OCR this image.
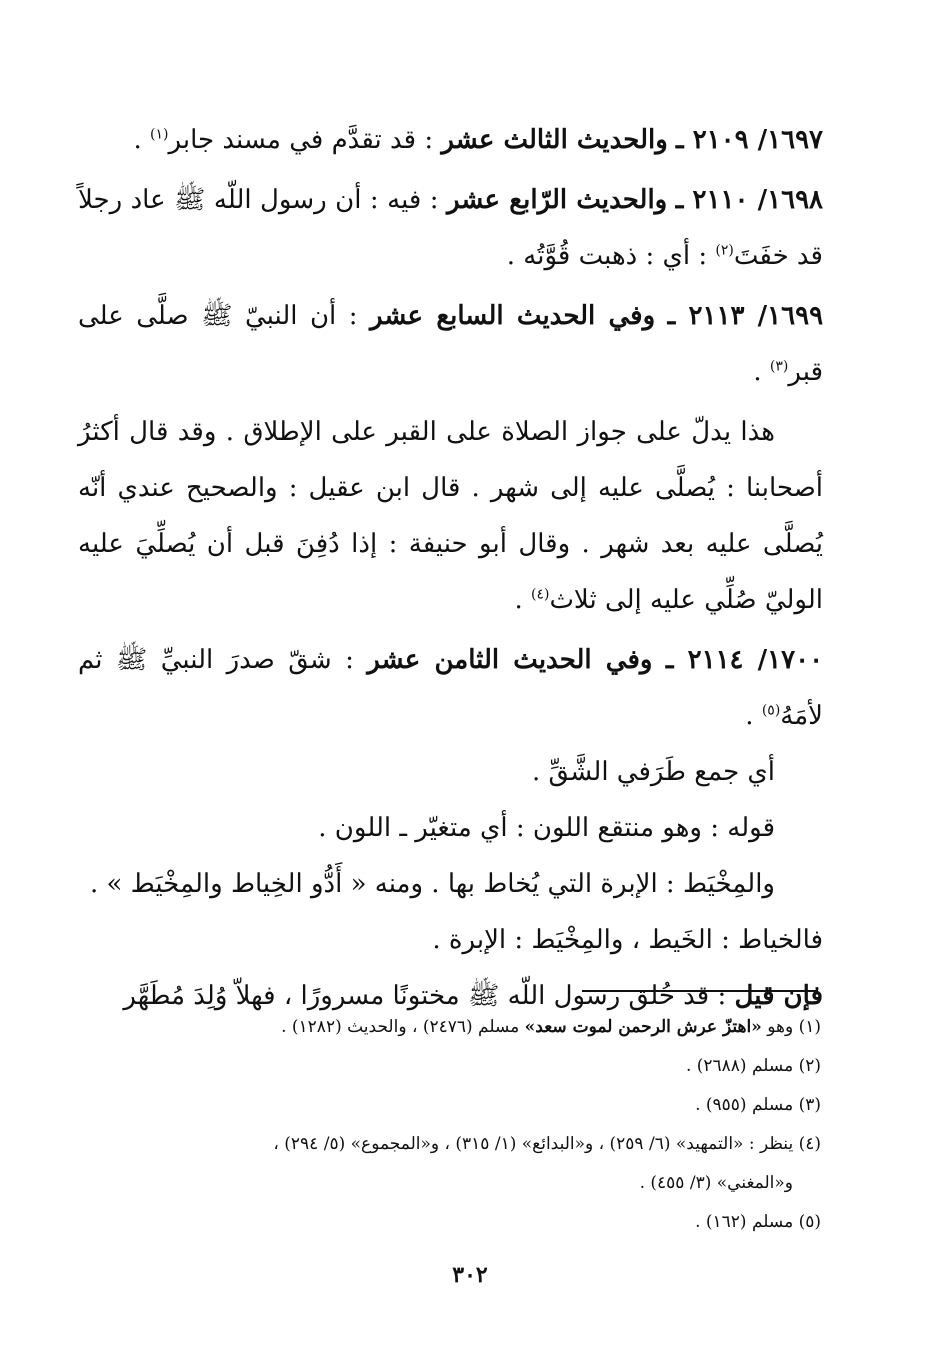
١٦٩٧/ ٢١٠٩ ـ والحديث الثالث عشر : قد تقدَّم في مسند جابر$^{(١)}$ .

١٦٩٨/ ٢١١٠ ـ والحديث الرّابع عشر : فيه : أن رسول اللّه ﷺ عاد رجلاً قد خفَتَ$^{(٢)}$ : أي : ذهبت قُوَّتُه .

١٦٩٩/ ٢١١٣ ـ وفي الحديث السابع عشر : أن النبيّ ﷺ صلَّى على قبر$^{(٣)}$ .

هذا يدلّ على جواز الصلاة على القبر على الإطلاق . وقد قال أكثرُ أصحابنا : يُصلَّى عليه إلى شهر . قال ابن عقيل : والصحيح عندي أنّه يُصلَّى عليه بعد شهر . وقال أبو حنيفة : إذا دُفِنَ قبل أن يُصلِّيَ عليه الوليّ صُلِّي عليه إلى ثلاث$^{(٤)}$ .

١٧٠٠/ ٢١١٤ ـ وفي الحديث الثامن عشر : شقّ صدرَ النبيِّ ﷺ ثم لأمَهُ$^{(٥)}$ .

أي جمع طَرَفي الشَّقِّ .

قوله : وهو منتقع اللون : أي متغيّر ـ اللون .

والمِخْيَط : الإبرة التي يُخاط بها . ومنه « أَدُّو الخِياط والمِخْيَط » .

فالخياط : الخَيط ، والمِخْيَط : الإبرة .

فإن قيل : قد خُلق رسول اللّه ﷺ مختونًا مسرورًا ، فهلاّ وُلِدَ مُطَهَّر

(١) وهو «اهتزّ عرش الرحمن لموت سعد» مسلم (٢٤٧٦) ، والحديث (١٢٨٢) .

(٢) مسلم (٢٦٨٨) .

(٣) مسلم (٩٥٥) .

(٤) ينظر : «التمهيد» (٦/ ٢٥٩) ، و«البدائع» (١/ ٣١٥) ، و«المجموع» (٥/ ٢٩٤) ،

و«المغني» (٣/ ٤٥٥) .

(٥) مسلم (١٦٢) .

٣٠٢
